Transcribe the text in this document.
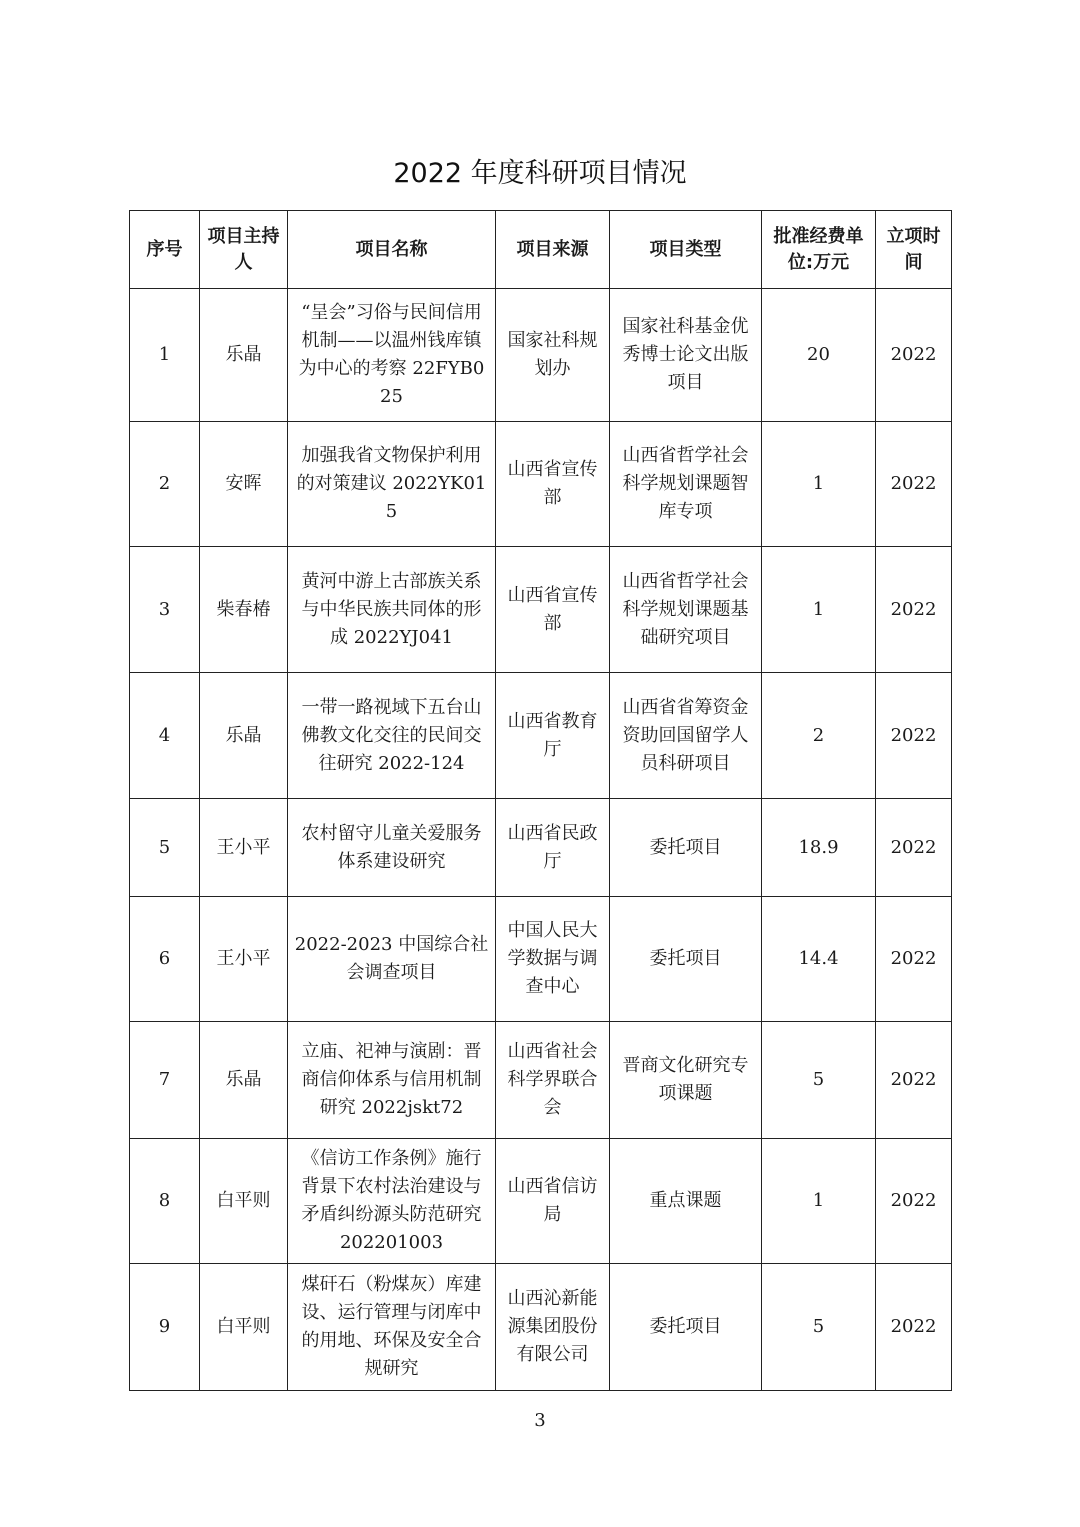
2022 年度科研项目情况
序号	项目主持人	项目名称	项目来源	项目类型	批准经费单位:万元	立项时间
1	乐晶	“呈会”习俗与民间信用机制——以温州钱库镇为中心的考察 22FYB025	国家社科规划办	国家社科基金优秀博士论文出版项目	20	2022
2	安晖	加强我省文物保护利用的对策建议 2022YK015	山西省宣传部	山西省哲学社会科学规划课题智库专项	1	2022
3	柴春椿	黄河中游上古部族关系与中华民族共同体的形成 2022YJ041	山西省宣传部	山西省哲学社会科学规划课题基础研究项目	1	2022
4	乐晶	一带一路视域下五台山佛教文化交往的民间交往研究 2022-124	山西省教育厅	山西省省筹资金资助回国留学人员科研项目	2	2022
5	王小平	农村留守儿童关爱服务体系建设研究	山西省民政厅	委托项目	18.9	2022
6	王小平	2022-2023 中国综合社会调查项目	中国人民大学数据与调查中心	委托项目	14.4	2022
7	乐晶	立庙、祀神与演剧：晋商信仰体系与信用机制研究 2022jskt72	山西省社会科学界联合会	晋商文化研究专项课题	5	2022
8	白平则	《信访工作条例》施行背景下农村法治建设与矛盾纠纷源头防范研究 202201003	山西省信访局	重点课题	1	2022
9	白平则	煤矸石（粉煤灰）库建设、运行管理与闭库中的用地、环保及安全合规研究	山西沁新能源集团股份有限公司	委托项目	5	2022
3
